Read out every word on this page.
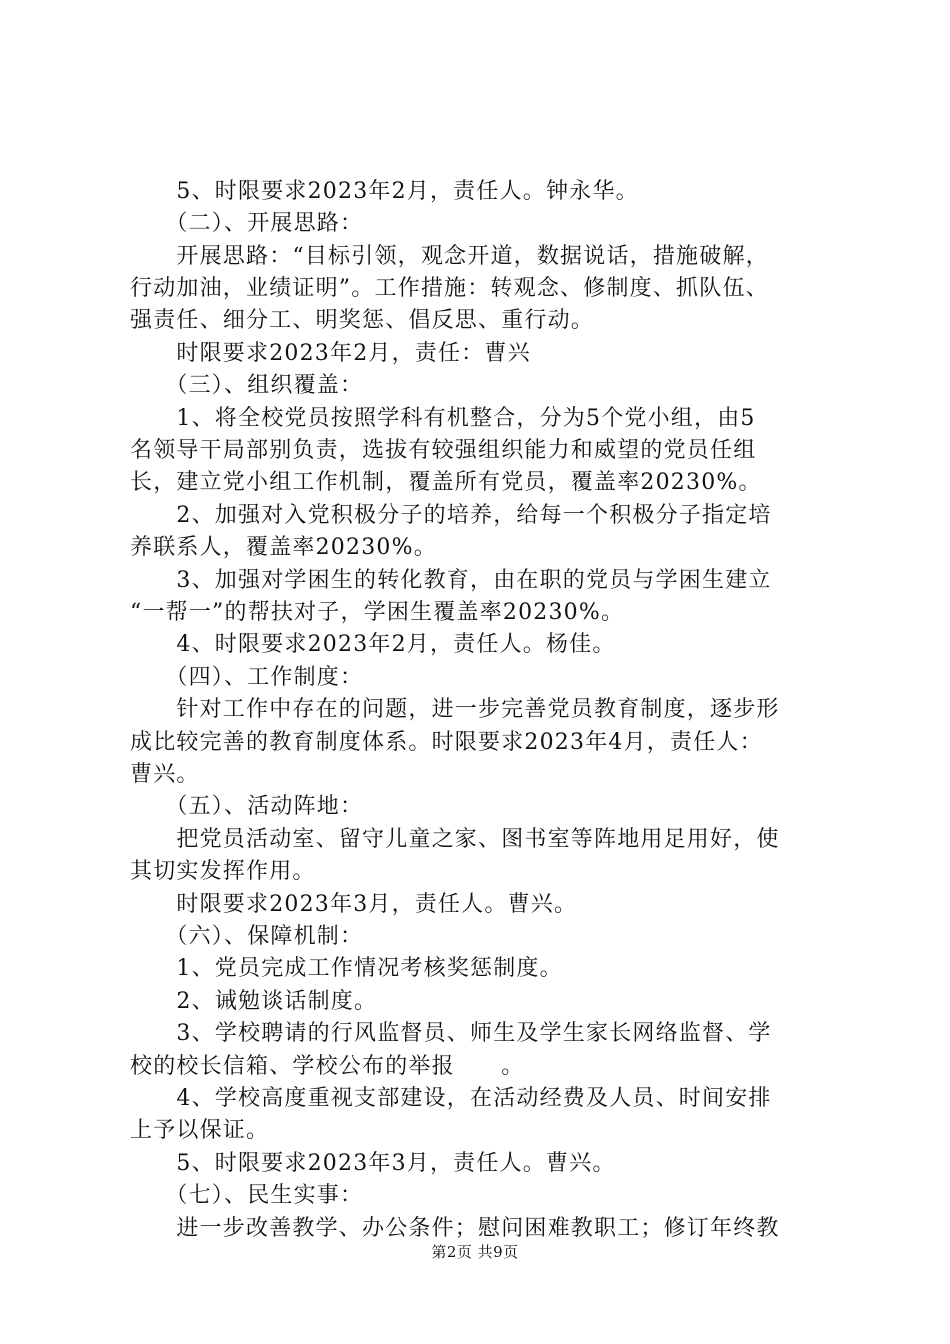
　　5、时限要求2023年2月，责任人。钟永华。
　　（二）、开展思路：
　　开展思路：“目标引领，观念开道，数据说话，措施破解，
行动加油，业绩证明”。工作措施：转观念、修制度、抓队伍、
强责任、细分工、明奖惩、倡反思、重行动。
　　时限要求2023年2月，责任：曹兴
　　（三）、组织覆盖：
　　1、将全校党员按照学科有机整合，分为5个党小组，由5
名领导干局部别负责，选拔有较强组织能力和威望的党员任组
长，建立党小组工作机制，覆盖所有党员，覆盖率20230%。
　　2、加强对入党积极分子的培养，给每一个积极分子指定培
养联系人，覆盖率20230%。
　　3、加强对学困生的转化教育，由在职的党员与学困生建立
“一帮一”的帮扶对子，学困生覆盖率20230%。
　　4、时限要求2023年2月，责任人。杨佳。
　　（四）、工作制度：
　　针对工作中存在的问题，进一步完善党员教育制度，逐步形
成比较完善的教育制度体系。时限要求2023年4月，责任人：
曹兴。
　　（五）、活动阵地：
　　把党员活动室、留守儿童之家、图书室等阵地用足用好，使
其切实发挥作用。
　　时限要求2023年3月，责任人。曹兴。
　　（六）、保障机制：
　　1、党员完成工作情况考核奖惩制度。
　　2、诫勉谈话制度。
　　3、学校聘请的行风监督员、师生及学生家长网络监督、学
校的校长信箱、学校公布的举报　　。
　　4、学校高度重视支部建设，在活动经费及人员、时间安排
上予以保证。
　　5、时限要求2023年3月，责任人。曹兴。
　　（七）、民生实事：
　　进一步改善教学、办公条件；慰问困难教职工；修订年终教
第2页 共9页
